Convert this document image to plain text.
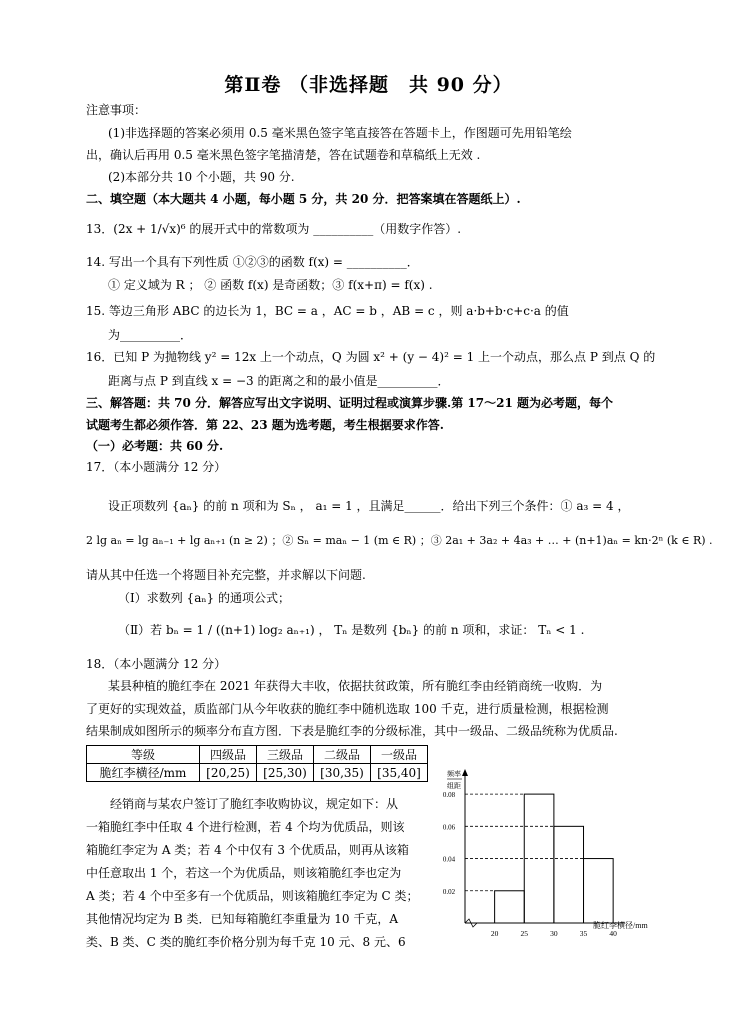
第Ⅱ卷 （非选择题　共 90 分）
注意事项：
(1)非选择题的答案必须用 0.5 毫米黑色签字笔直接答在答题卡上，作图题可先用铅笔绘
出，确认后再用 0.5 毫米黑色签字笔描清楚，答在试题卷和草稿纸上无效 .
(2)本部分共 10 个小题，共 90 分.
二、填空题（本大题共 4 小题，每小题 5 分，共 20 分．把答案填在答题纸上）.
13．(2x + 1/√x)⁶ 的展开式中的常数项为 __________（用数字作答）.
14. 写出一个具有下列性质 ①②③的函数 f(x) = __________．
① 定义域为 R ； ② 函数 f(x) 是奇函数；③ f(x+π) = f(x) .
15. 等边三角形 ABC 的边长为 1，BC = a ，AC = b ，AB = c ，则 a·b+b·c+c·a 的值
为__________．
16．已知 P 为抛物线 y² = 12x 上一个动点，Q 为圆 x² + (y − 4)² = 1 上一个动点，那么点 P 到点 Q 的
距离与点 P 到直线 x = −3 的距离之和的最小值是__________．
三、解答题：共 70 分．解答应写出文字说明、证明过程或演算步骤.第 17～21 题为必考题，每个
试题考生都必须作答．第 22、23 题为选考题，考生根据要求作答.
（一）必考题：共 60 分.
17．（本小题满分 12 分）
设正项数列 {aₙ} 的前 n 项和为 Sₙ ， a₁ = 1 ，且满足______．给出下列三个条件：① a₃ = 4 ，
2 lg aₙ = lg aₙ₋₁ + lg aₙ₊₁ (n ≥ 2) ；② Sₙ = maₙ − 1 (m ∈ R) ；③ 2a₁ + 3a₂ + 4a₃ + … + (n+1)aₙ = kn·2ⁿ (k ∈ R) .
请从其中任选一个将题目补充完整，并求解以下问题.
（Ⅰ）求数列 {aₙ} 的通项公式；
（Ⅱ）若 bₙ = 1 / ((n+1) log₂ aₙ₊₁) ， Tₙ 是数列 {bₙ} 的前 n 项和，求证： Tₙ < 1 .
18．（本小题满分 12 分）
某县种植的脆红李在 2021 年获得大丰收，依据扶贫政策，所有脆红李由经销商统一收购．为
了更好的实现效益，质监部门从今年收获的脆红李中随机选取 100 千克，进行质量检测，根据检测
结果制成如图所示的频率分布直方图．下表是脆红李的分级标准，其中一级品、二级品统称为优质品.
等级	四级品	三级品	二级品	一级品
脆红李横径/mm	[20,25)	[25,30)	[30,35)	[35,40]
　　经销商与某农户签订了脆红李收购协议，规定如下：从
一箱脆红李中任取 4 个进行检测，若 4 个均为优质品，则该
箱脆红李定为 A 类；若 4 个中仅有 3 个优质品，则再从该箱
中任意取出 1 个，若这一个为优质品，则该箱脆红李也定为
A 类；若 4 个中至多有一个优质品，则该箱脆红李定为 C 类；
其他情况均定为 B 类．已知每箱脆红李重量为 10 千克，A
类、B 类、C 类的脆红李价格分别为每千克 10 元、8 元、6
频率
组距
脆红李横径/mm
0.02
0.04
0.06
0.08
20	25	30	35	40
